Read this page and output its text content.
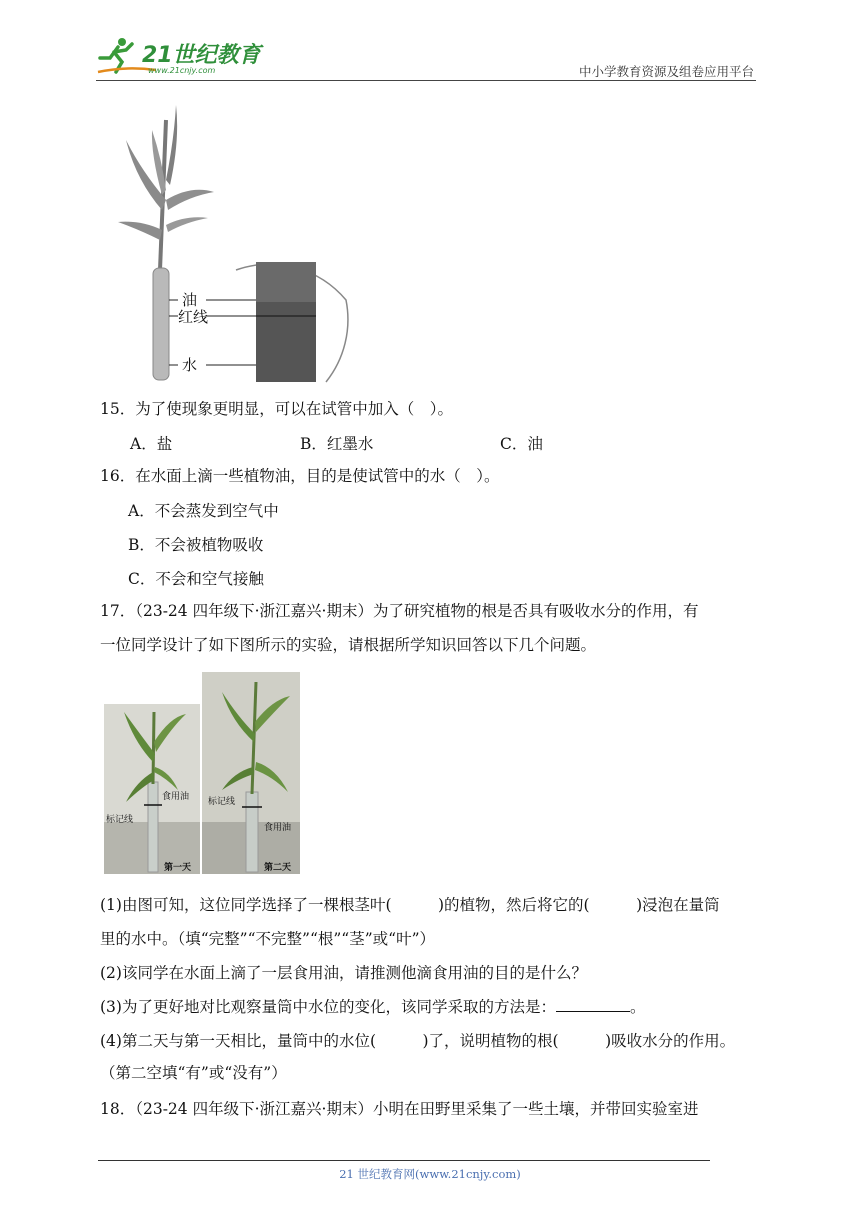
21世纪教育
www.21cnjy.com	中小学教育资源及组卷应用平台
油
红线
水
15．为了使现象更明显，可以在试管中加入（　）。
A．盐	B．红墨水	C．油
16．在水面上滴一些植物油，目的是使试管中的水（　）。
A．不会蒸发到空气中
B．不会被植物吸收
C．不会和空气接触
17．（23-24 四年级下·浙江嘉兴·期末）为了研究植物的根是否具有吸收水分的作用，有
一位同学设计了如下图所示的实验，请根据所学知识回答以下几个问题。
食用油
标记线
第一天
标记线
食用油
第二天
(1)由图可知，这位同学选择了一棵根茎叶(　　　)的植物，然后将它的(　　　)浸泡在量筒
里的水中。（填“完整”“不完整”“根”“茎”或“叶”）
(2)该同学在水面上滴了一层食用油，请推测他滴食用油的目的是什么？
(3)为了更好地对比观察量筒中水位的变化，该同学采取的方法是：	。
(4)第二天与第一天相比，量筒中的水位(　　　)了，说明植物的根(　　　)吸收水分的作用。
（第二空填“有”或“没有”）
18．（23-24 四年级下·浙江嘉兴·期末）小明在田野里采集了一些土壤，并带回实验室进
21 世纪教育网(www.21cnjy.com)
